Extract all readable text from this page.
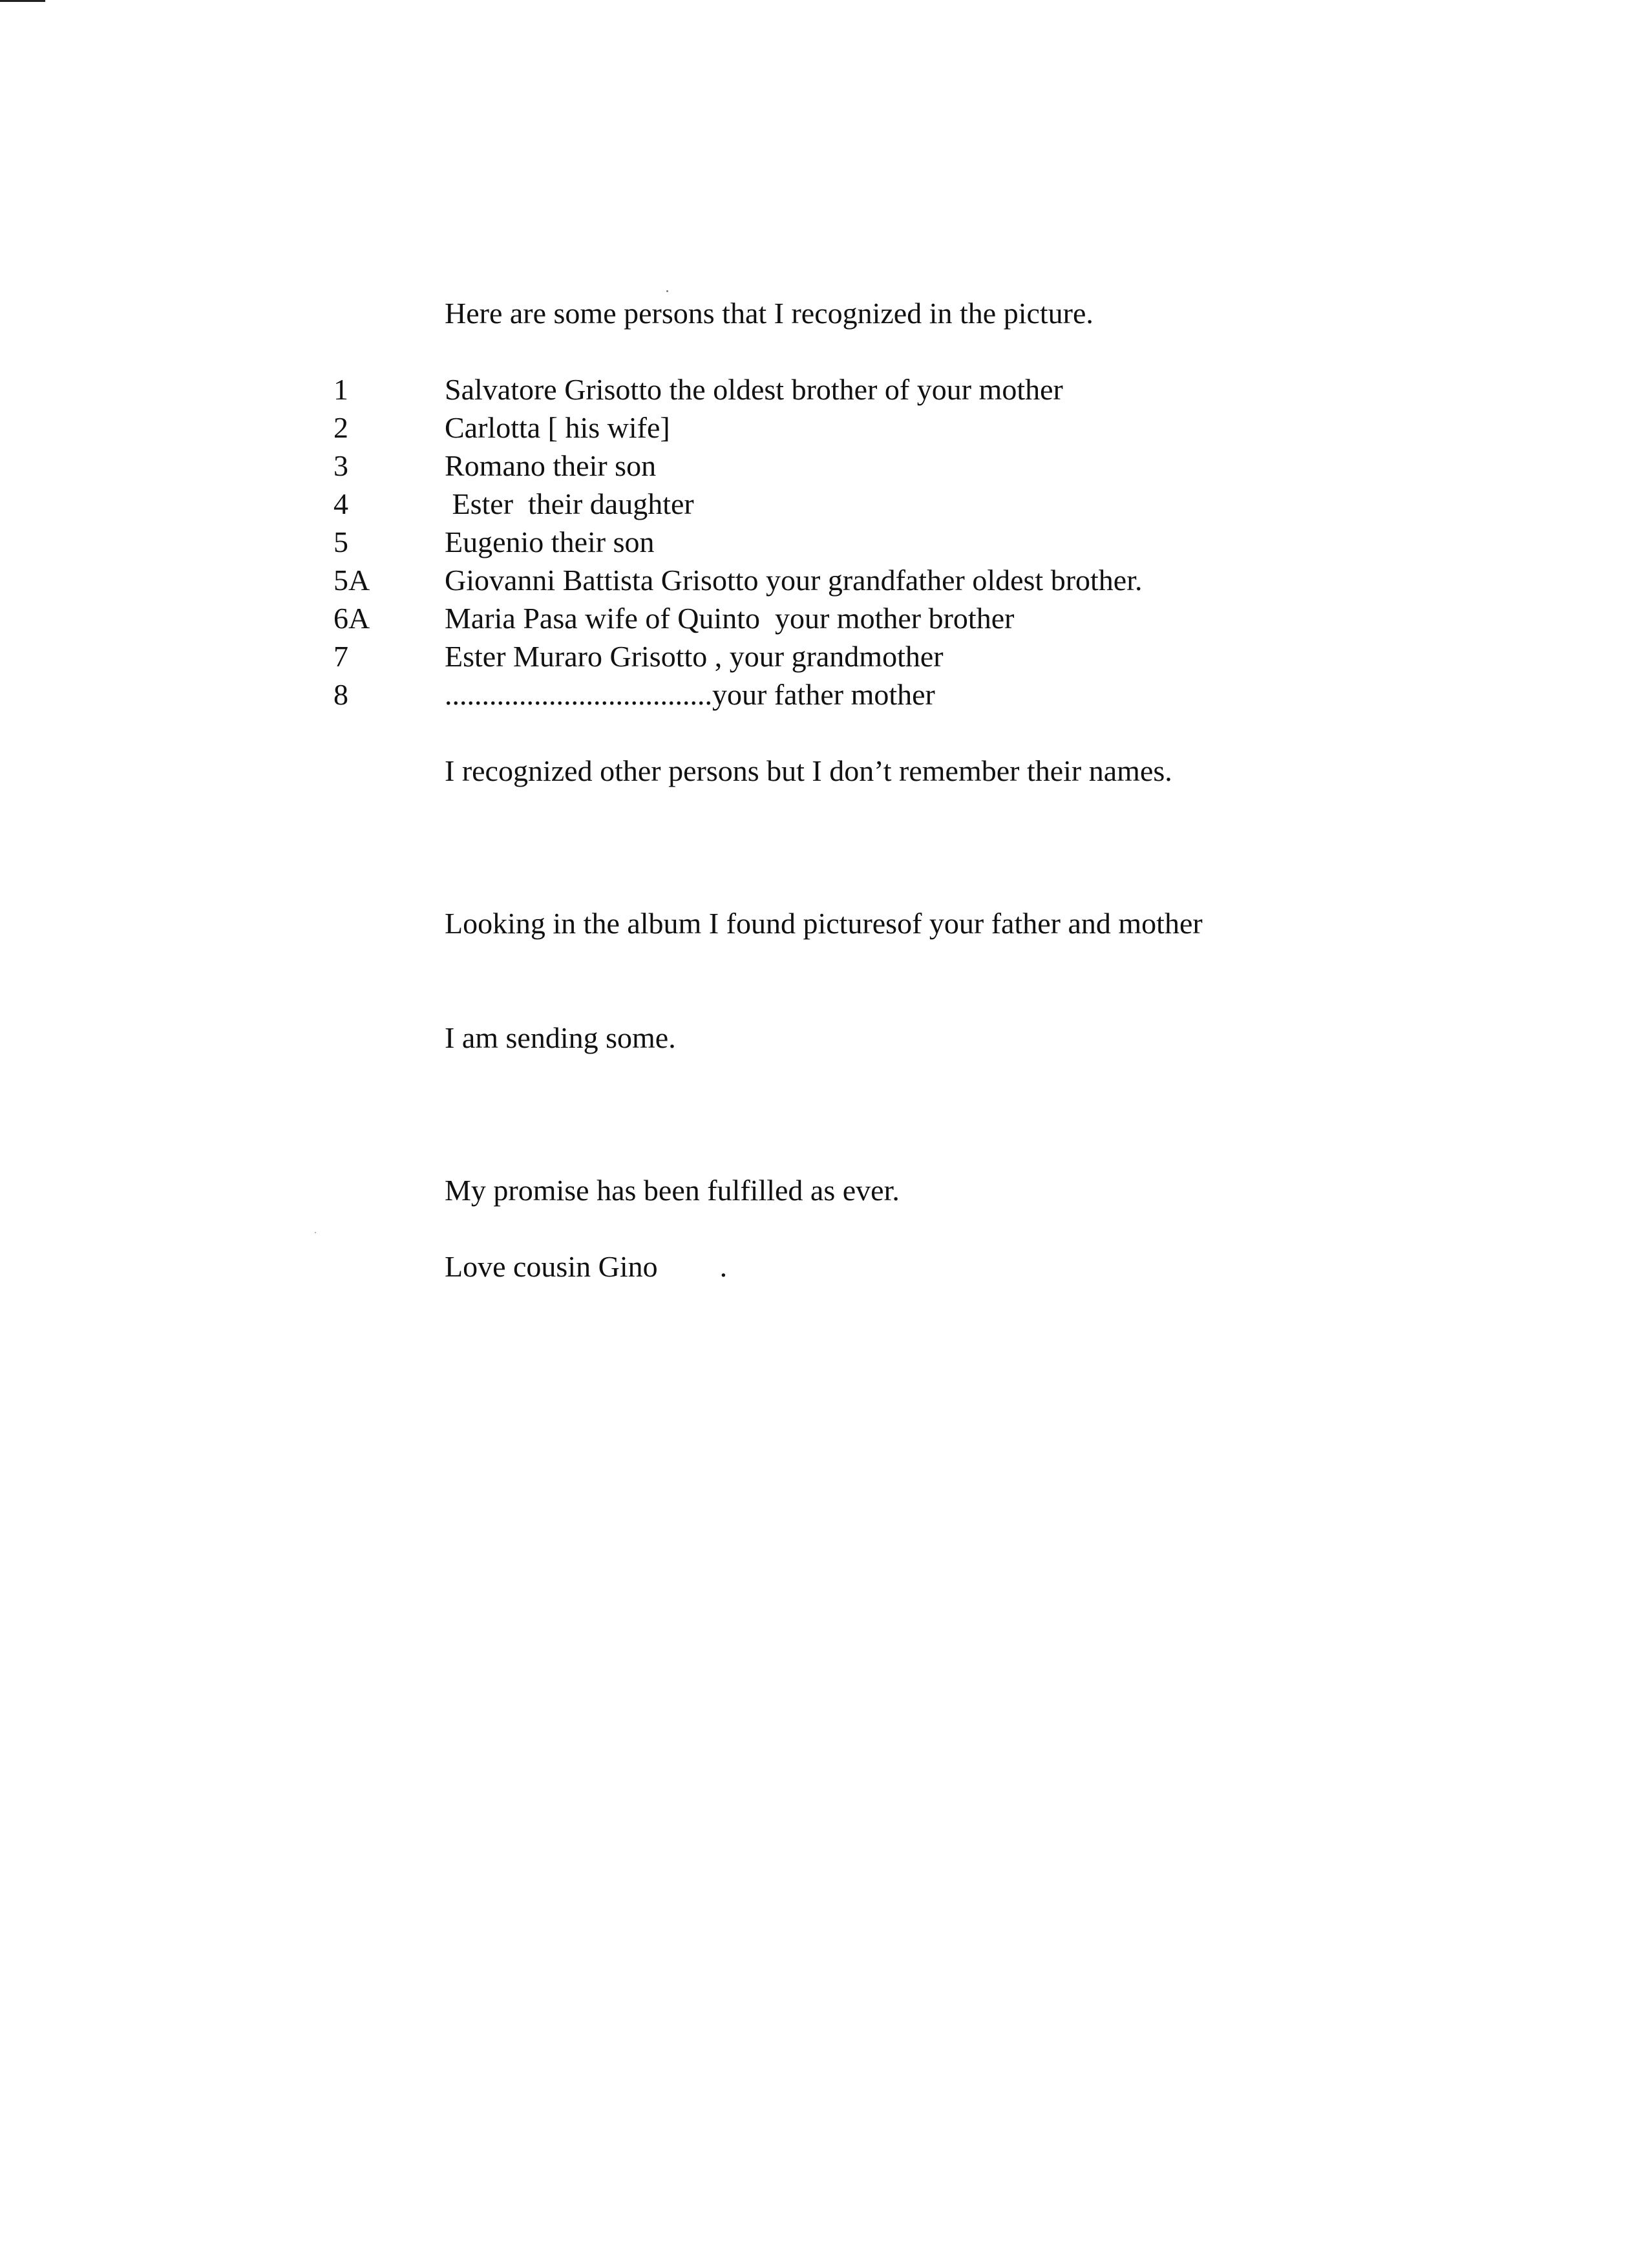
Here are some persons that I recognized in the picture.

1	Salvatore Grisotto the oldest brother of your mother
2	Carlotta [ his wife]
3	Romano their son
4	Ester  their daughter
5	Eugenio their son
5A	Giovanni Battista Grisotto your grandfather oldest brother.
6A	Maria Pasa wife of Quinto  your mother brother
7	Ester Muraro Grisotto , your grandmother
8	....................................your father mother

I recognized other persons but I don’t remember their names.

Looking in the album I found picturesof your father and mother

I am sending some.

My promise has been fulfilled as ever.

Love cousin Gino .
